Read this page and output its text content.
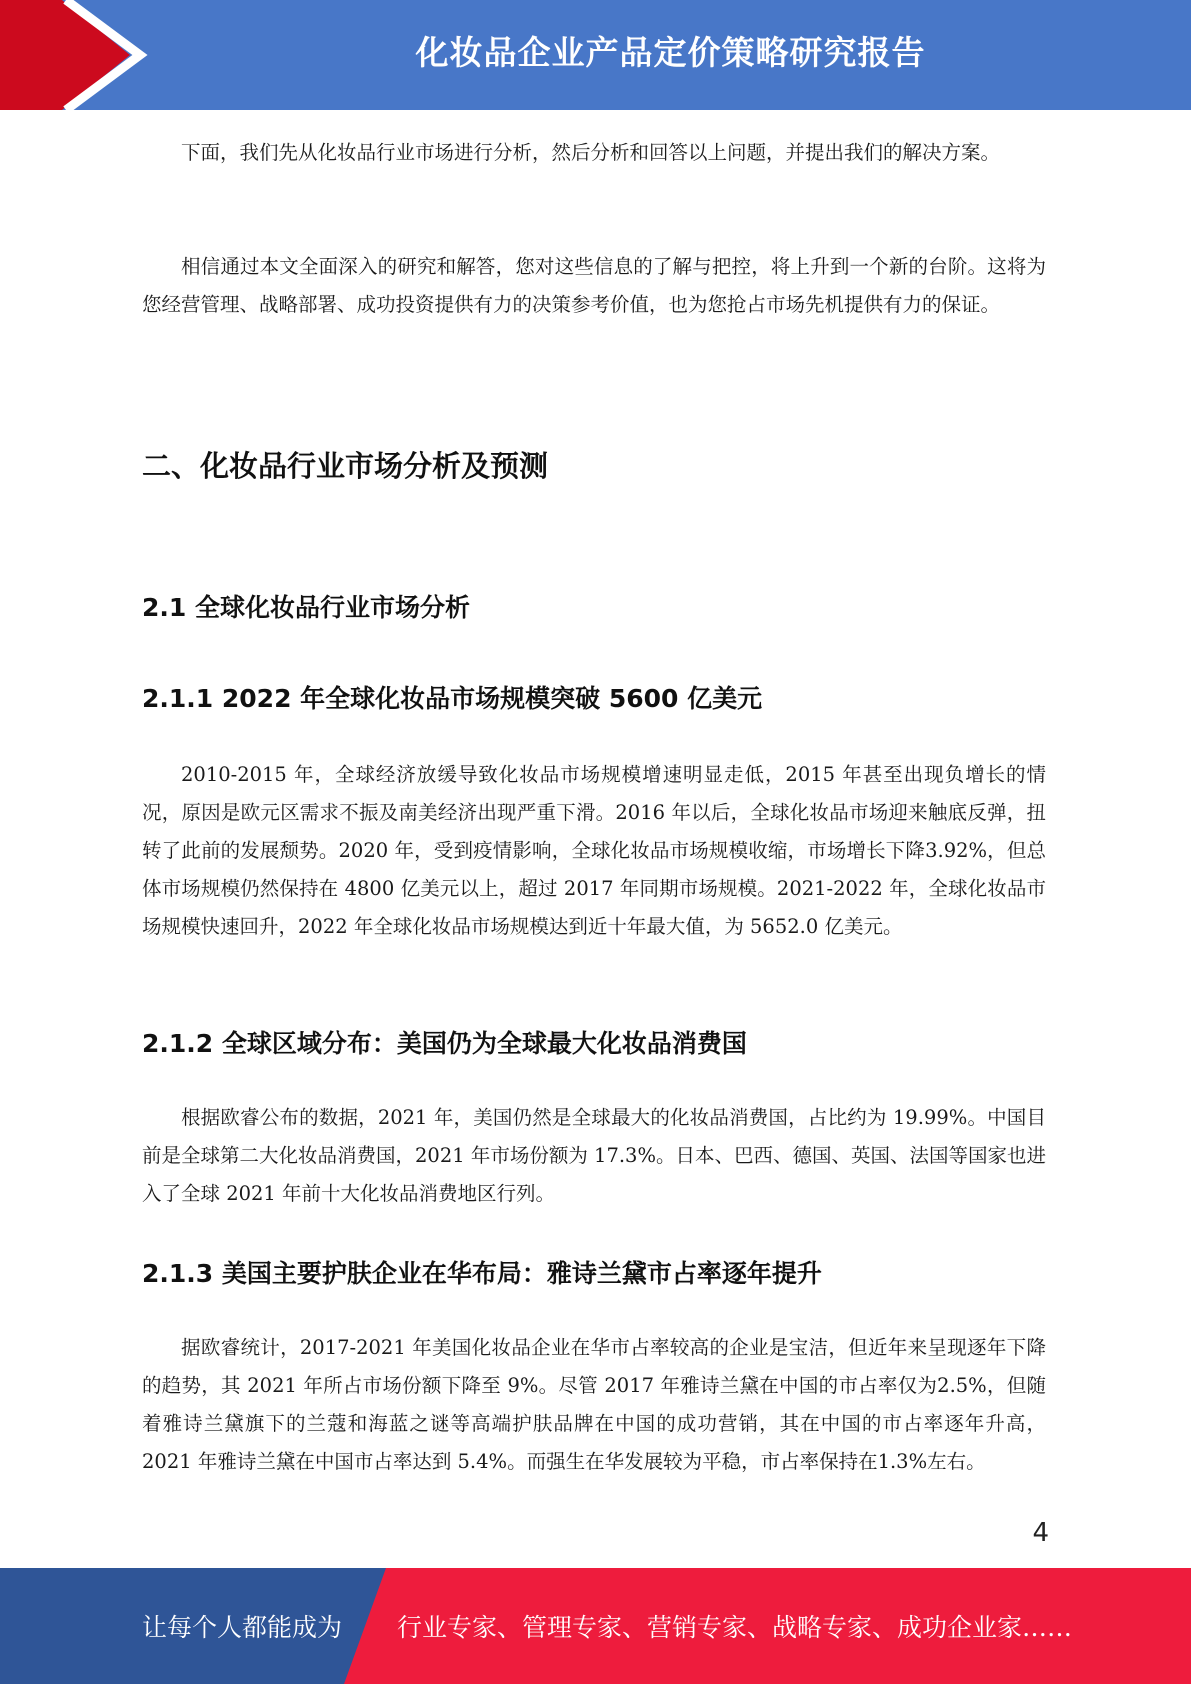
化妆品企业产品定价策略研究报告

下面，我们先从化妆品行业市场进行分析，然后分析和回答以上问题，并提出我们的解决方案。

相信通过本文全面深入的研究和解答，您对这些信息的了解与把控，将上升到一个新的台阶。这将为您经营管理、战略部署、成功投资提供有力的决策参考价值，也为您抢占市场先机提供有力的保证。

二、化妆品行业市场分析及预测
2.1 全球化妆品行业市场分析
2.1.1 2022 年全球化妆品市场规模突破 5600 亿美元

2010-2015 年，全球经济放缓导致化妆品市场规模增速明显走低，2015 年甚至出现负增长的情况，原因是欧元区需求不振及南美经济出现严重下滑。2016 年以后，全球化妆品市场迎来触底反弹，扭转了此前的发展颓势。2020 年，受到疫情影响，全球化妆品市场规模收缩，市场增长下降3.92%，但总体市场规模仍然保持在 4800 亿美元以上，超过 2017 年同期市场规模。2021-2022 年，全球化妆品市场规模快速回升，2022 年全球化妆品市场规模达到近十年最大值，为 5652.0 亿美元。

2.1.2 全球区域分布：美国仍为全球最大化妆品消费国

根据欧睿公布的数据，2021 年，美国仍然是全球最大的化妆品消费国，占比约为 19.99%。中国目前是全球第二大化妆品消费国，2021 年市场份额为 17.3%。日本、巴西、德国、英国、法国等国家也进入了全球 2021 年前十大化妆品消费地区行列。

2.1.3 美国主要护肤企业在华布局：雅诗兰黛市占率逐年提升

据欧睿统计，2017-2021 年美国化妆品企业在华市占率较高的企业是宝洁，但近年来呈现逐年下降的趋势，其 2021 年所占市场份额下降至 9%。尽管 2017 年雅诗兰黛在中国的市占率仅为2.5%，但随着雅诗兰黛旗下的兰蔻和海蓝之谜等高端护肤品牌在中国的成功营销，其在中国的市占率逐年升高，2021 年雅诗兰黛在中国市占率达到 5.4%。而强生在华发展较为平稳，市占率保持在1.3%左右。

4
让每个人都能成为 行业专家、管理专家、营销专家、战略专家、成功企业家……
